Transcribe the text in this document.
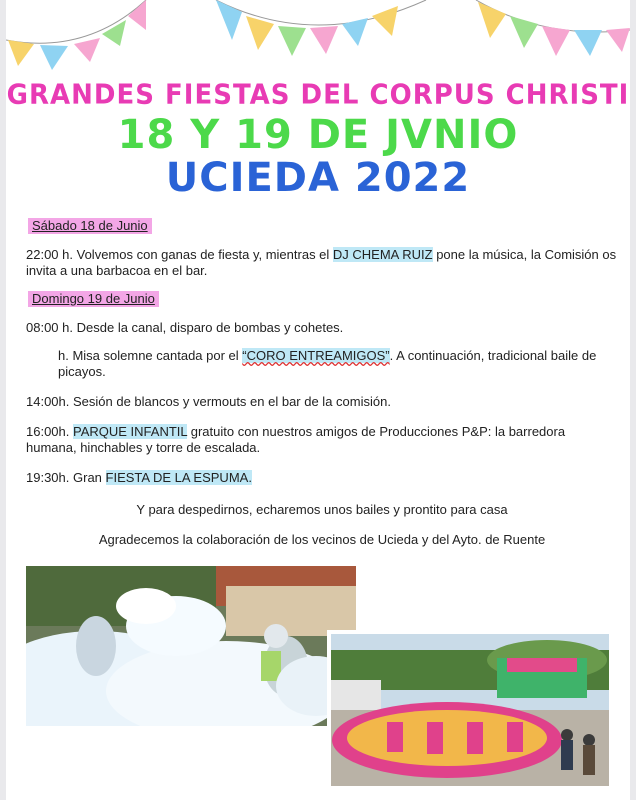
GRANDES FIESTAS DEL CORPUS CHRISTI
18 Y 19 DE JVNIO
UCIEDA 2022
Sábado 18 de Junio

22:00 h. Volvemos con ganas de fiesta y, mientras el DJ CHEMA RUIZ pone la música, la Comisión os invita a una barbacoa en el bar.

Domingo 19 de Junio

08:00 h. Desde la canal, disparo de bombas y cohetes.

h. Misa solemne cantada por el “CORO ENTREAMIGOS”. A continuación, tradicional baile de picayos.

14:00h. Sesión de blancos y vermouts en el bar de la comisión.

16:00h. PARQUE INFANTIL gratuito con nuestros amigos de Producciones P&P: la barredora humana, hinchables y torre de escalada.

19:30h. Gran FIESTA DE LA ESPUMA.

Y para despedirnos, echaremos unos bailes y prontito para casa

Agradecemos la colaboración de los vecinos de Ucieda y del Ayto. de Ruente
